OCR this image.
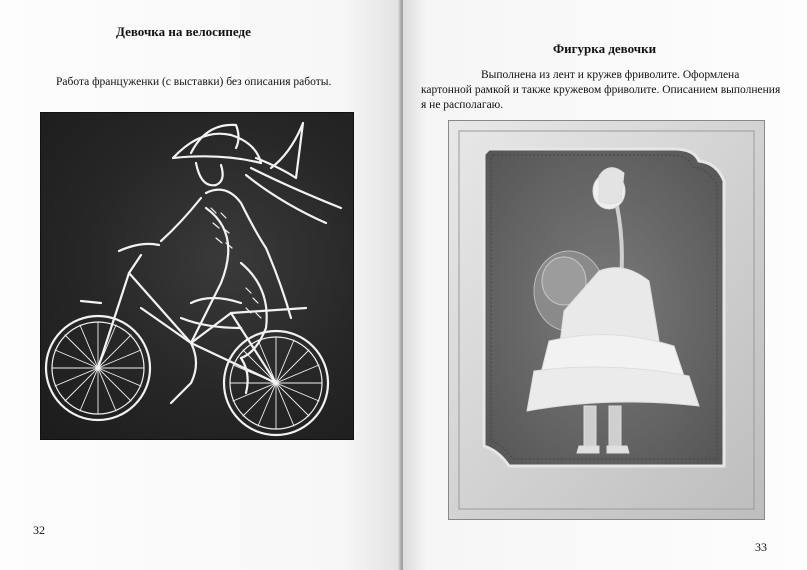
Девочка на велосипеде
Работа француженки (с выставки) без описания работы.
32
Фигурка девочки
Выполнена из лент и кружев фриволите. Оформлена картонной рамкой и также кружевом фриволите. Описанием выполнения я не располагаю.
33
